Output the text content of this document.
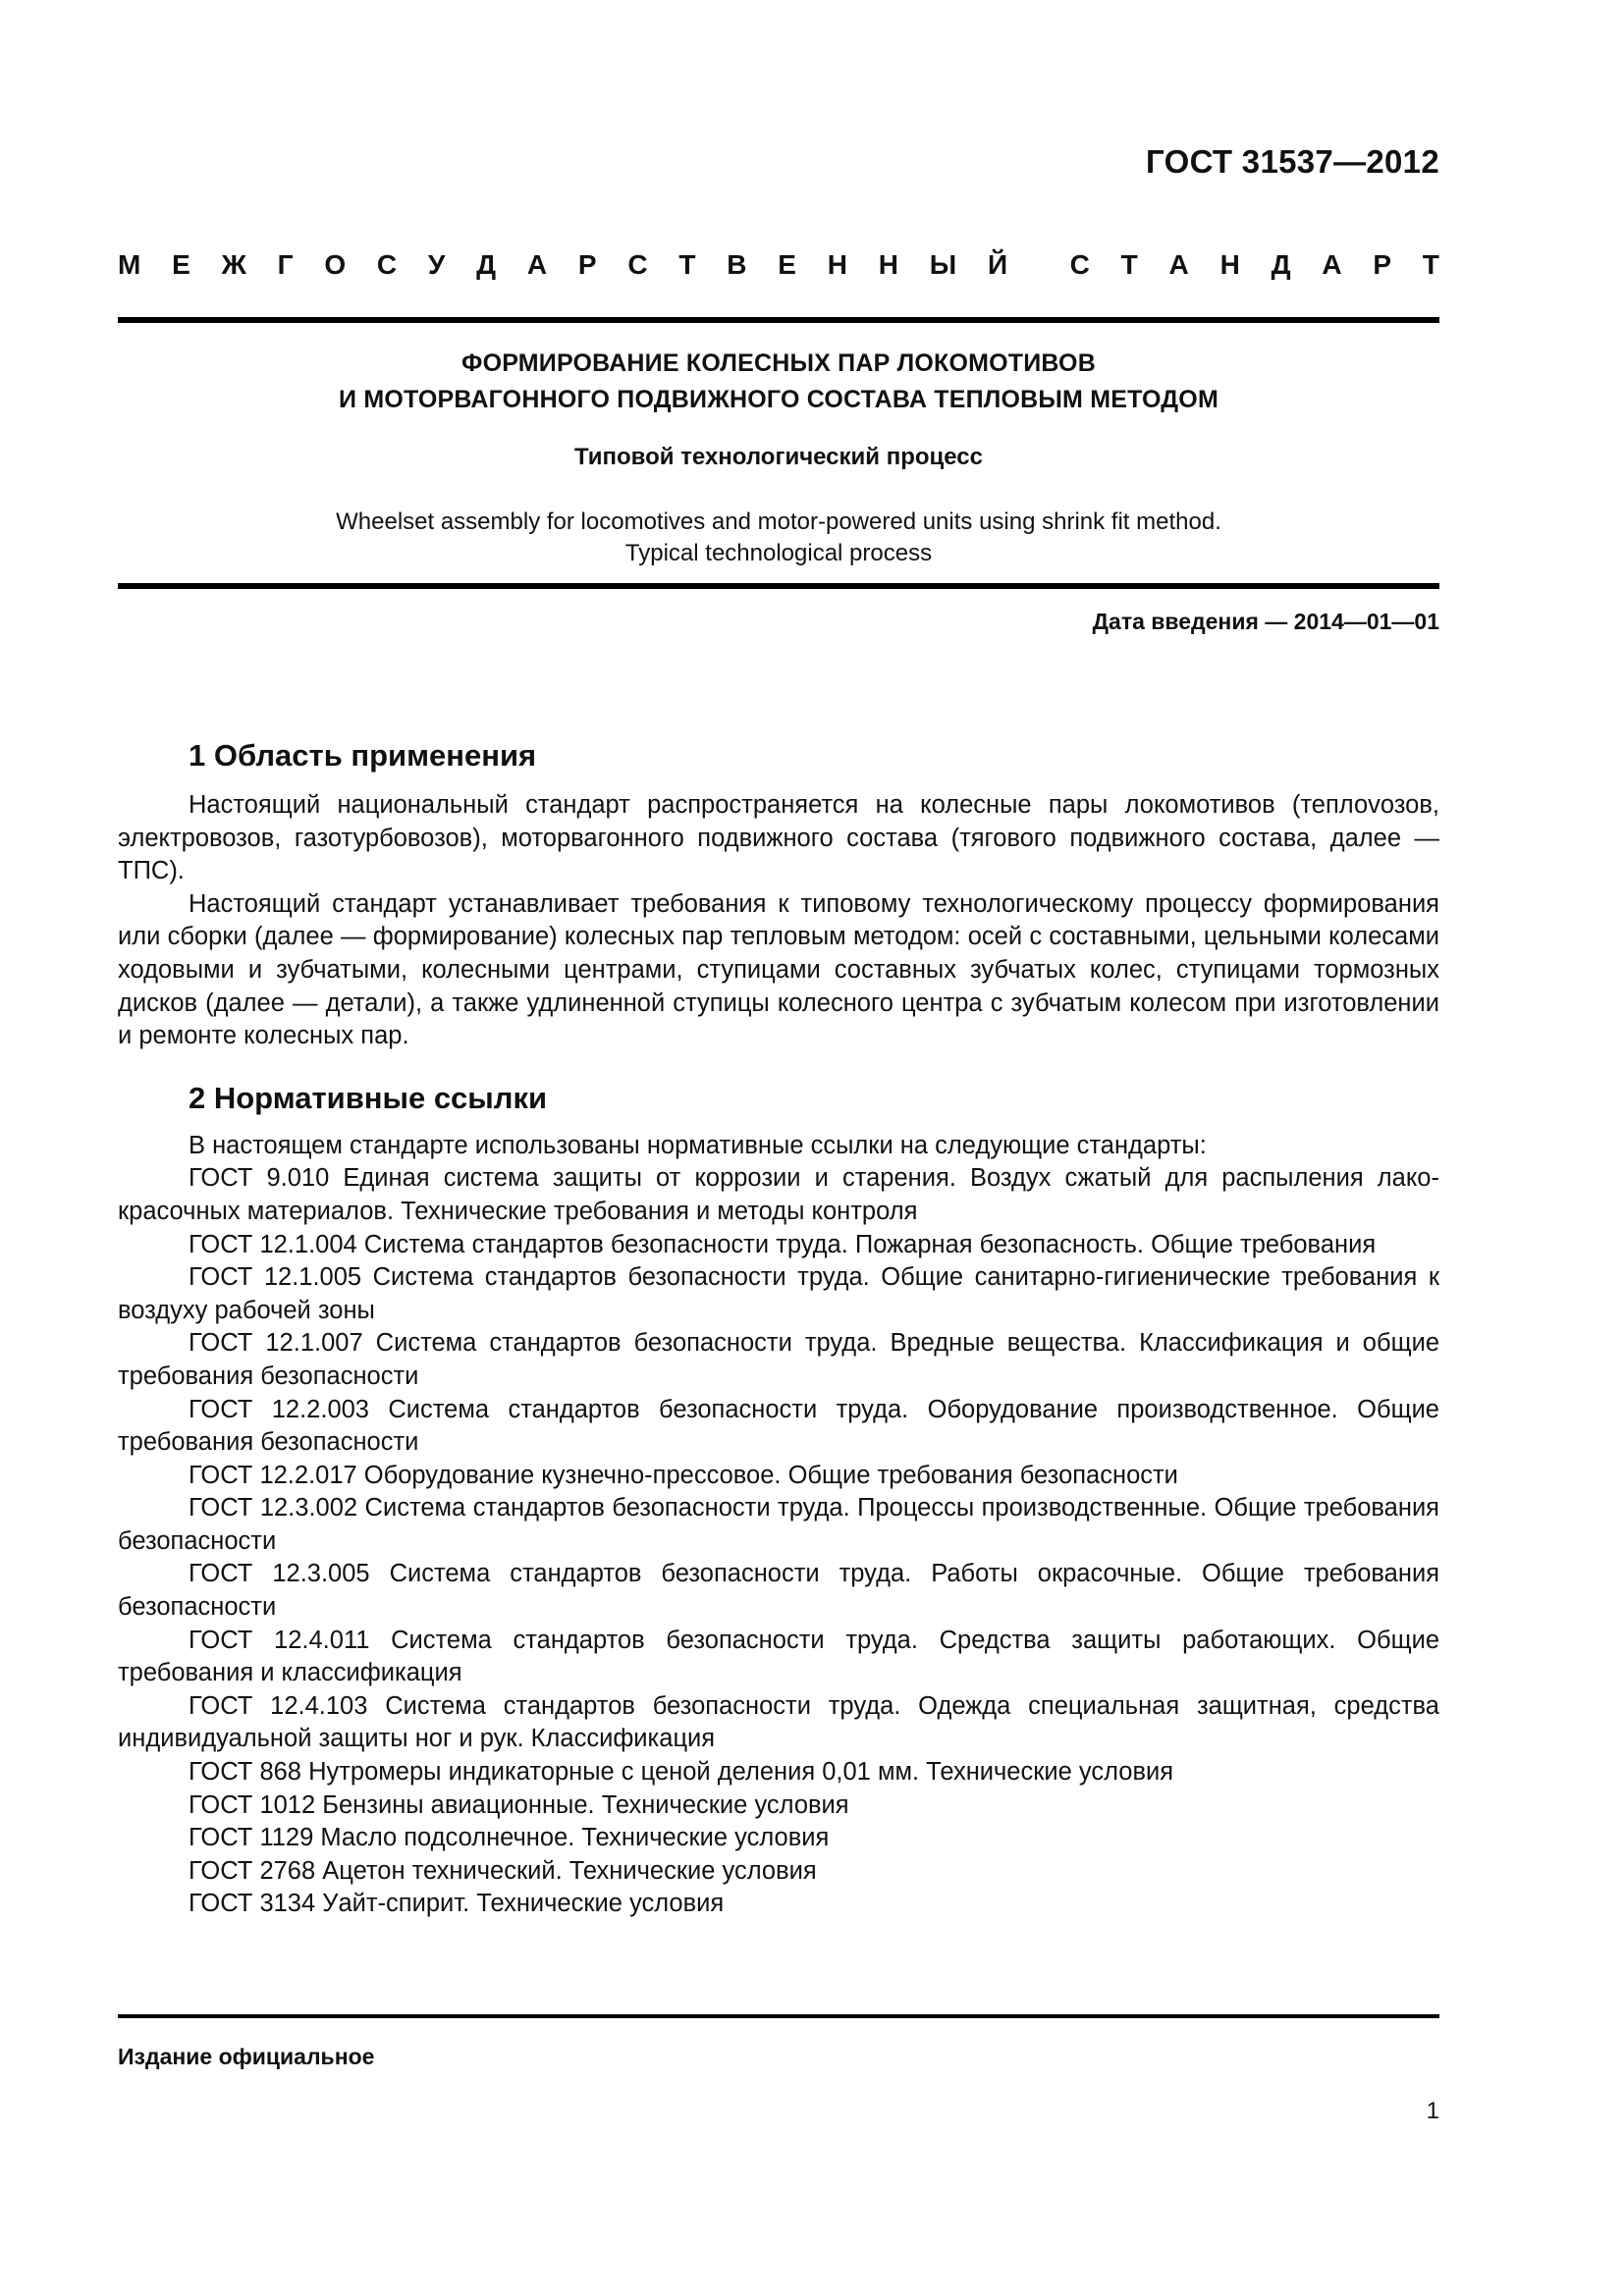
ГОСТ 31537—2012
М Е Ж Г О С У Д А Р С Т В Е Н Н Ы Й С Т А Н Д А Р Т
ФОРМИРОВАНИЕ КОЛЕСНЫХ ПАР ЛОКОМОТИВОВ
И МОТОРВАГОННОГО ПОДВИЖНОГО СОСТАВА ТЕПЛОВЫМ МЕТОДОМ
Типовой технологический процесс
Wheelset assembly for locomotives and motor-powered units using shrink fit method.
Typical technological process
Дата введения — 2014—01—01
1 Область применения

Настоящий национальный стандарт распространяется на колесные пары локомотивов (теплоvозов, электровозов, газотурбовозов), моторвагонного подвижного состава (тягового подвижного состава, далее — ТПС).

Настоящий стандарт устанавливает требования к типовому технологическому процессу формирования или сборки (далее — формирование) колесных пар тепловым методом: осей с составными, цельными колесами ходовыми и зубчатыми, колесными центрами, ступицами составных зубчатых колес, ступицами тормозных дисков (далее — детали), а также удлиненной ступицы колесного центра с зубчатым колесом при изготовлении и ремонте колесных пар.

2 Нормативные ссылки

В настоящем стандарте использованы нормативные ссылки на следующие стандарты:

ГОСТ 9.010 Единая система защиты от коррозии и старения. Воздух сжатый для распыления лакокрасочных материалов. Технические требования и методы контроля

ГОСТ 12.1.004 Система стандартов безопасности труда. Пожарная безопасность. Общие требования

ГОСТ 12.1.005 Система стандартов безопасности труда. Общие санитарно-гигиенические требования к воздуху рабочей зоны

ГОСТ 12.1.007 Система стандартов безопасности труда. Вредные вещества. Классификация и общие требования безопасности

ГОСТ 12.2.003 Система стандартов безопасности труда. Оборудование производственное. Общие требования безопасности

ГОСТ 12.2.017 Оборудование кузнечно-прессовое. Общие требования безопасности

ГОСТ 12.3.002 Система стандартов безопасности труда. Процессы производственные. Общие требования безопасности

ГОСТ 12.3.005 Система стандартов безопасности труда. Работы окрасочные. Общие требования безопасности

ГОСТ 12.4.011 Система стандартов безопасности труда. Средства защиты работающих. Общие требования и классификация

ГОСТ 12.4.103 Система стандартов безопасности труда. Одежда специальная защитная, средства индивидуальной защиты ног и рук. Классификация

ГОСТ 868 Нутромеры индикаторные с ценой деления 0,01 мм. Технические условия

ГОСТ 1012 Бензины авиационные. Технические условия

ГОСТ 1129 Масло подсолнечное. Технические условия

ГОСТ 2768 Ацетон технический. Технические условия

ГОСТ 3134 Уайт-спирит. Технические условия

Издание официальное
1
